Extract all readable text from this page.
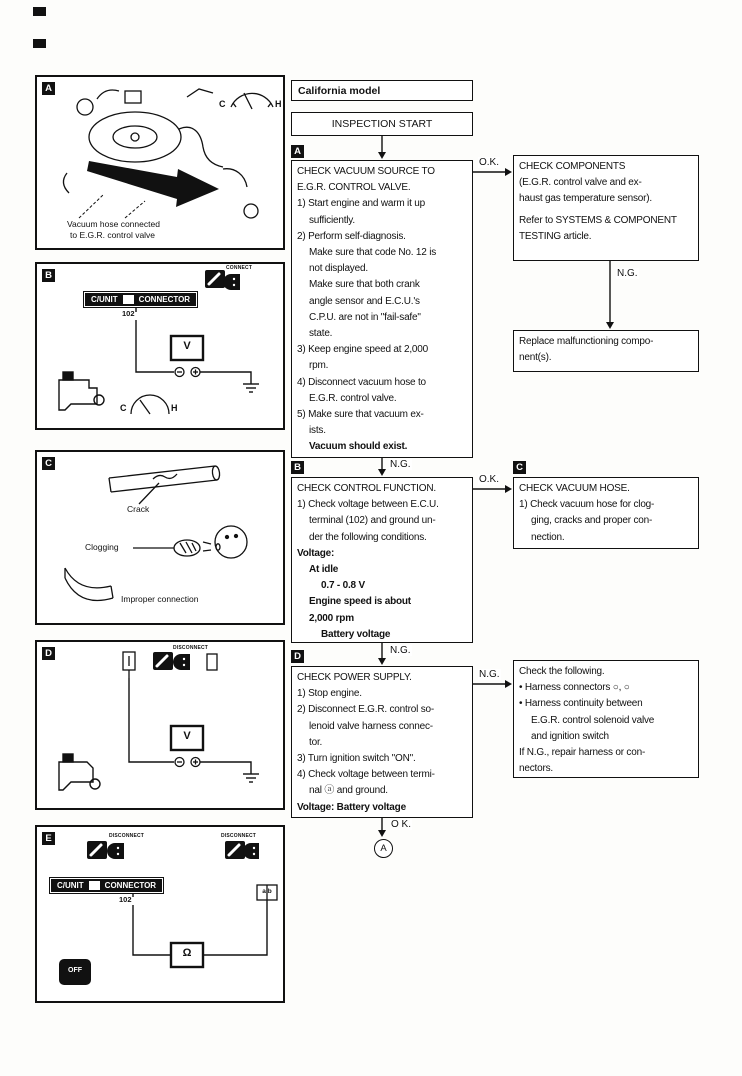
A
C	H
Vacuum hose connected
to E.G.R. control valve
B
C/UNIT	CONNECTOR
102
CONNECT
V
C	H
C
Crack
Clogging
Improper connection
D	DISCONNECT
V
E	DISCONNECT	DISCONNECT
C/UNIT	CONNECTOR
102
a b
Ω
OFF
California model
INSPECTION START
A
CHECK VACUUM SOURCE TO
E.G.R. CONTROL VALVE.
1) Start engine and warm it up
sufficiently.
2) Perform self-diagnosis.
Make sure that code No. 12 is
not displayed.
Make sure that both crank
angle sensor and E.C.U.'s
C.P.U. are not in "fail-safe"
state.
3) Keep engine speed at 2,000
rpm.
4) Disconnect vacuum hose to
E.G.R. control valve.
5) Make sure that vacuum ex-
ists.
Vacuum should exist.
CHECK COMPONENTS
(E.G.R. control valve and ex-
haust gas temperature sensor).
Refer to SYSTEMS & COMPONENT
TESTING article.
Replace malfunctioning compo-
nent(s).
B
CHECK CONTROL FUNCTION.
1) Check voltage between E.C.U.
terminal (102) and ground un-
der the following conditions.
Voltage:
At idle
0.7 - 0.8 V
Engine speed is about
2,000 rpm
Battery voltage
C
CHECK VACUUM HOSE.
1) Check vacuum hose for clog-
ging, cracks and proper con-
nection.
D
CHECK POWER SUPPLY.
1) Stop engine.
2) Disconnect E.G.R. control so-
lenoid valve harness connec-
tor.
3) Turn ignition switch "ON".
4) Check voltage between termi-
nal ⓐ and ground.
Voltage: Battery voltage
Check the following.
• Harness connectors ○, ○
• Harness continuity between
E.G.R. control solenoid valve
and ignition switch
If N.G., repair harness or con-
nectors.
O.K.
N.G.
N.G.
O.K.
N.G.
N.G.
O K.
A
